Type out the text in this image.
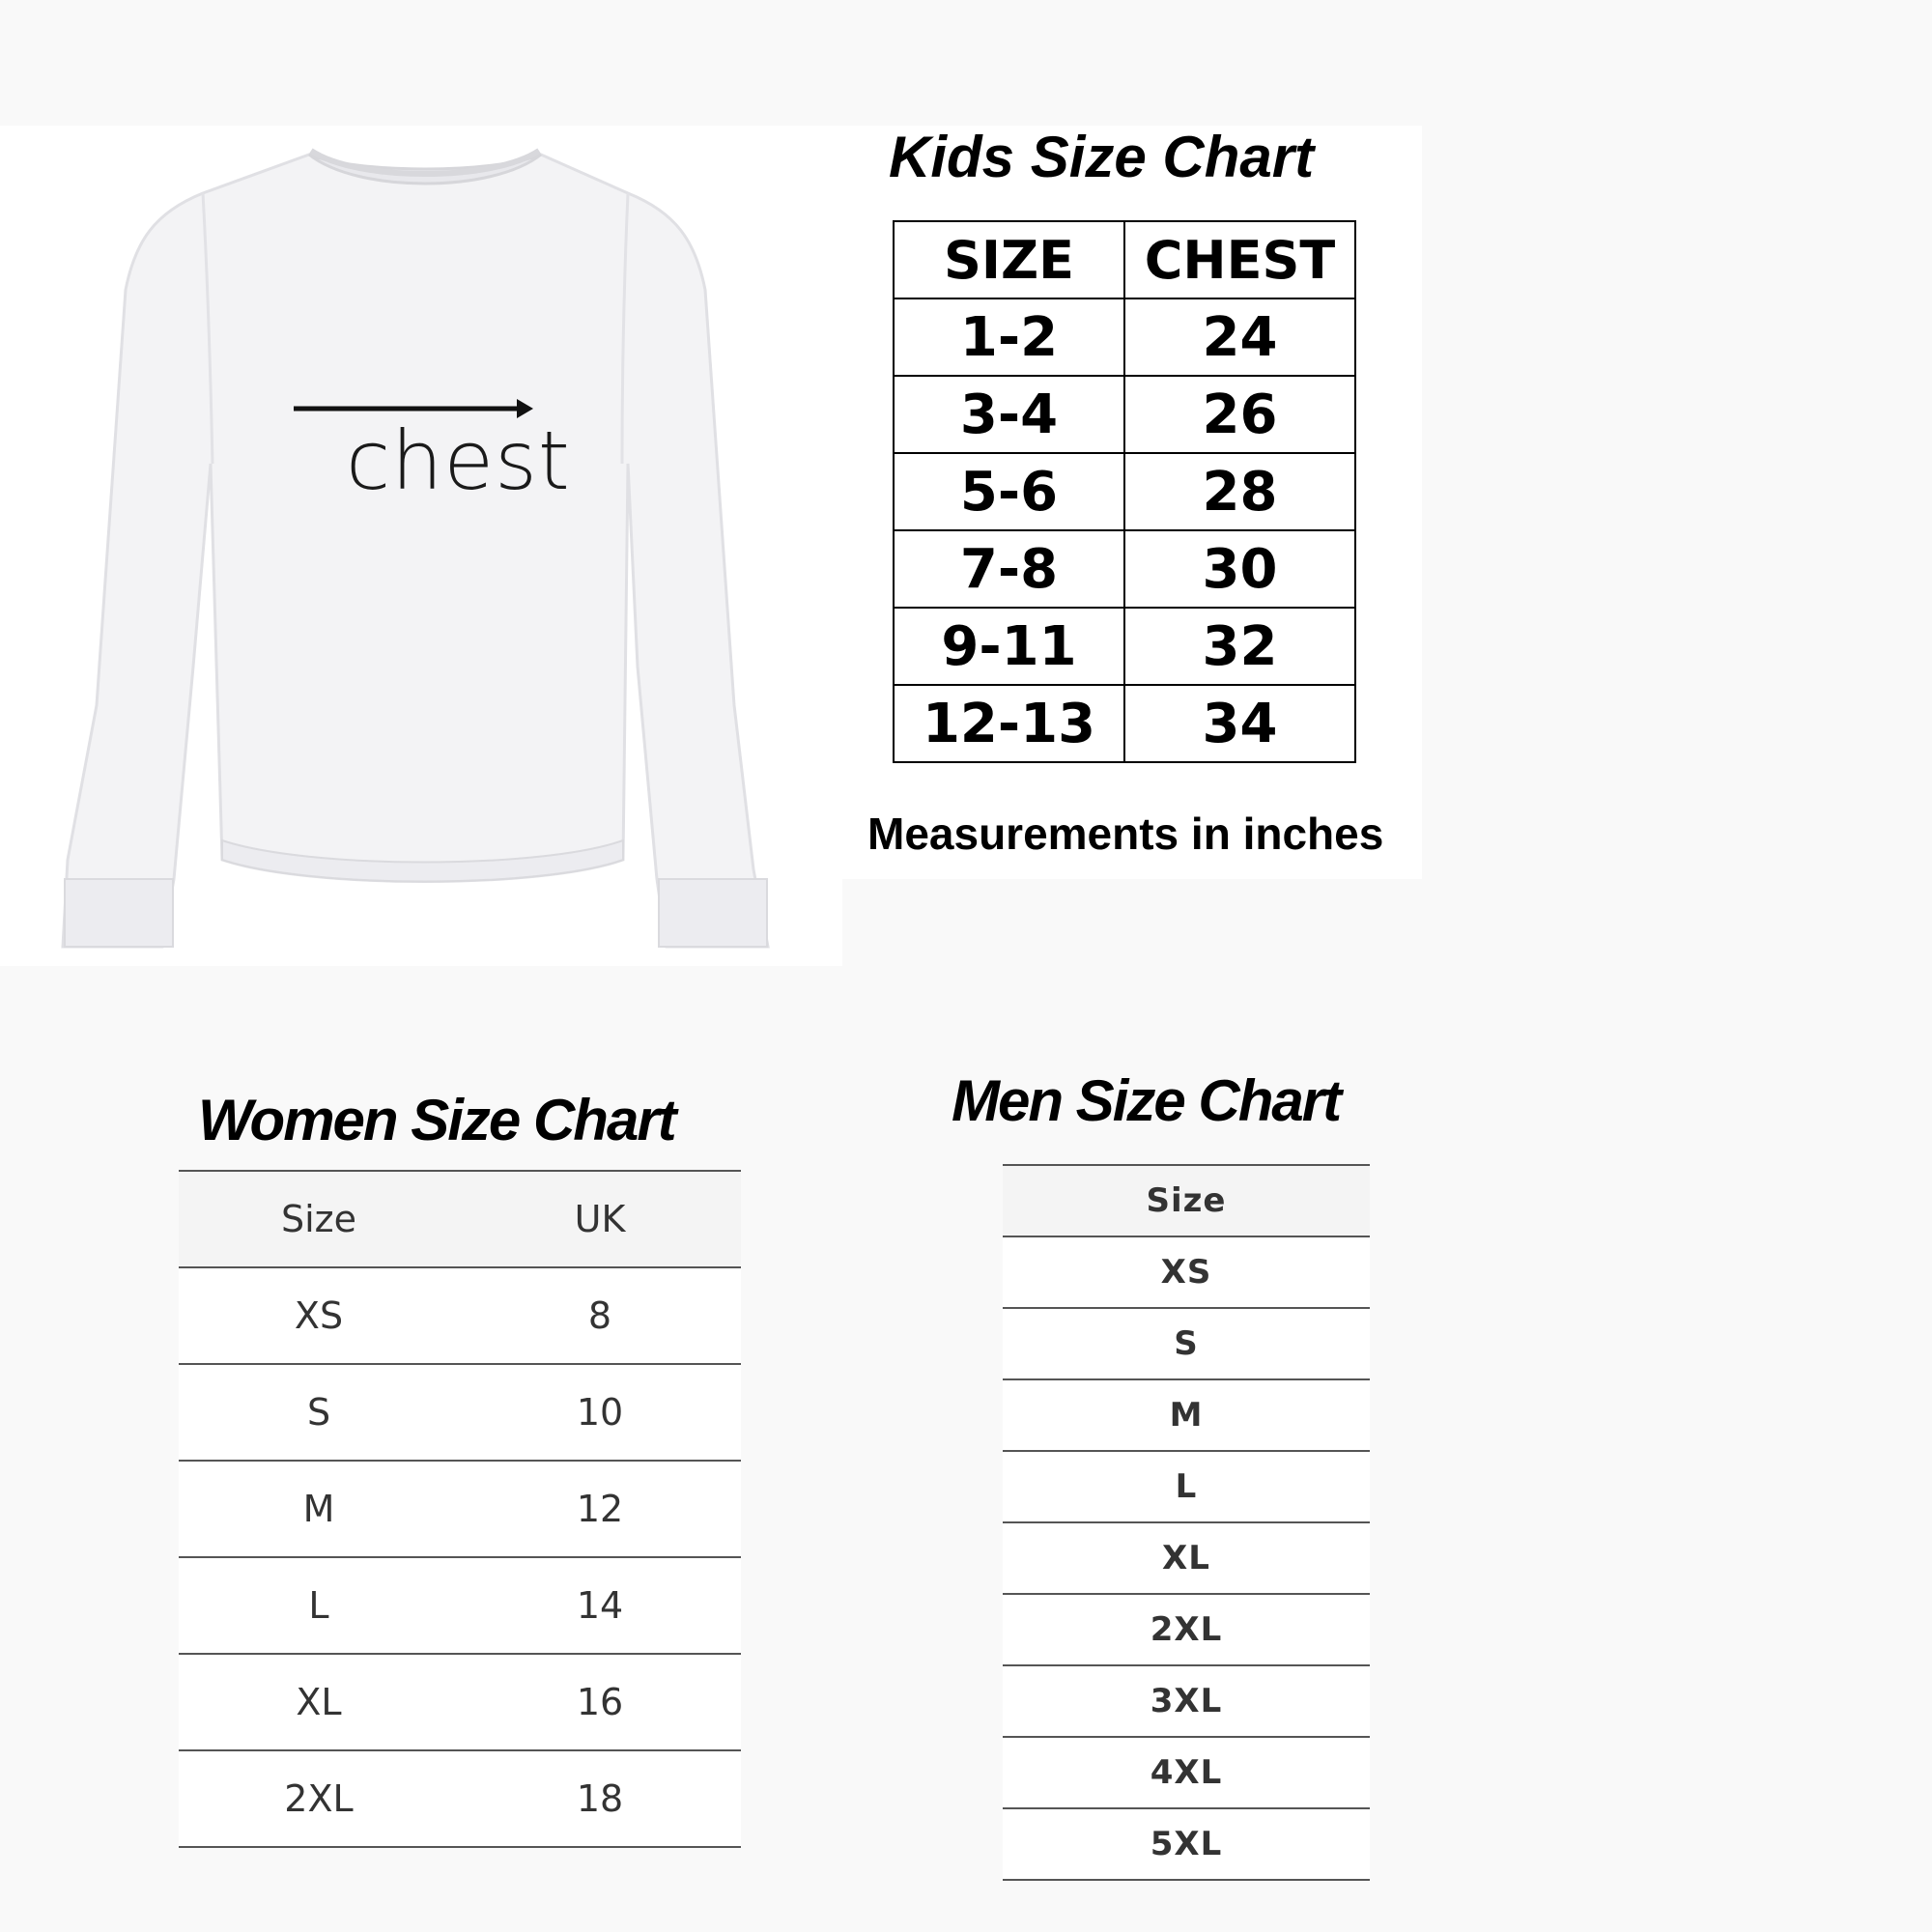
chest
Kids Size Chart
SIZE	CHEST
1-2	24
3-4	26
5-6	28
7-8	30
9-11	32
12-13	34
Measurements in inches
Women Size Chart
Size	UK
XS	8
S	10
M	12
L	14
XL	16
2XL	18
Men Size Chart
Size
XS
S
M
L
XL
2XL
3XL
4XL
5XL
